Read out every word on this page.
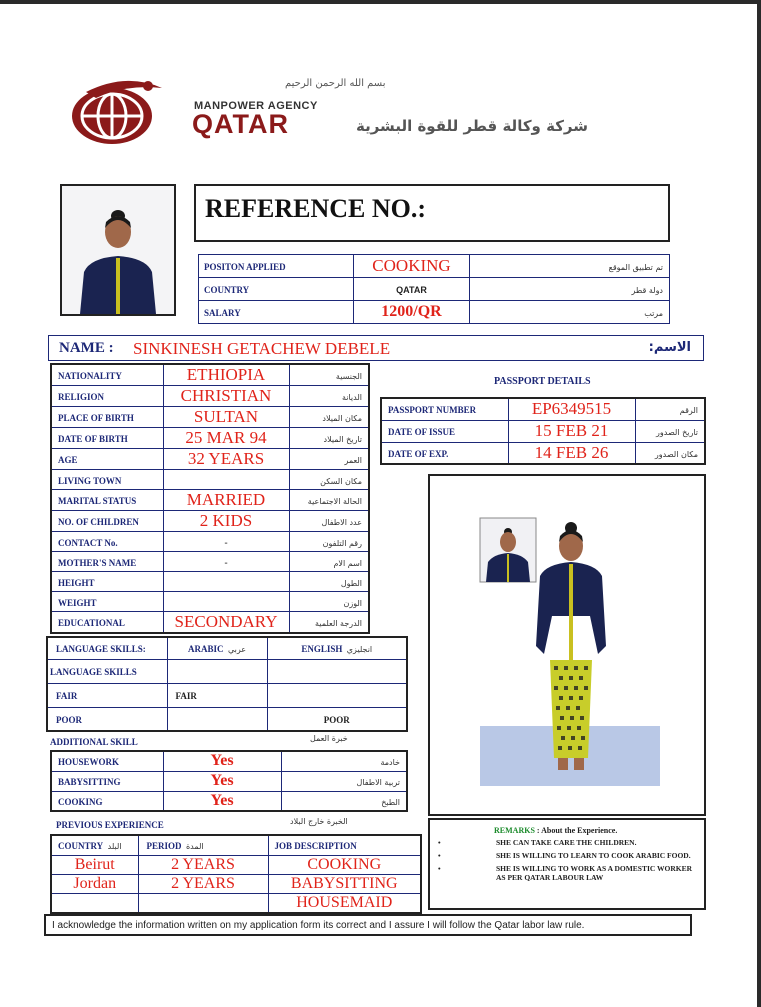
بسم الله الرحمن الرحيم
MANPOWER AGENCY
QATAR	شركة وكالة قطر للقوة البشرية
REFERENCE NO.:
POSITON APPLIED	COOKING	تم تطبيق الموقع
COUNTRY	QATAR	دولة قطر
SALARY	1200/QR	مرتب
NAME : SINKINESH GETACHEW DEBELE	الاسم:
NATIONALITY	ETHIOPIA	الجنسية
RELIGION	CHRISTIAN	الديانة
PLACE OF BIRTH	SULTAN	مكان الميلاد
DATE OF BIRTH	25 MAR 94	تاريخ الميلاد
AGE	32 YEARS	العمر
LIVING TOWN		مكان السكن
MARITAL STATUS	MARRIED	الحالة الاجتماعية
NO. OF CHILDREN	2 KIDS	عدد الاطفال
CONTACT No.	-	رقم التلفون
MOTHER'S NAME	-	اسم الام
HEIGHT		الطول
WEIGHT		الوزن
EDUCATIONAL	SECONDARY	الدرجة العلمية
PASSPORT DETAILS
PASSPORT NUMBER	EP6349515	الرقم
DATE OF ISSUE	15 FEB 21	تاريخ الصدور
DATE OF EXP.	14 FEB 26	مكان الصدور
LANGUAGE SKILLS:	ARABIC عربي	ENGLISH انجليزي
LANGUAGE SKILLS		
FAIR	FAIR	
POOR		POOR
ADDITIONAL SKILL	خبرة العمل
HOUSEWORK	Yes	خادمة
BABYSITTING	Yes	تربية الاطفال
COOKING	Yes	الطبخ
PREVIOUS EXPERIENCE	الخبرة خارج البلاد
COUNTRY البلد	PERIOD المدة	JOB DESCRIPTION
Beirut	2 YEARS	COOKING
Jordan	2 YEARS	BABYSITTING
		HOUSEMAID
REMARKS : About the Experience.
•	SHE CAN TAKE CARE THE CHILDREN.
•	SHE IS WILLING TO LEARN TO COOK ARABIC FOOD.
•	SHE IS WILLING TO WORK AS A DOMESTIC WORKER AS PER QATAR LABOUR LAW
I acknowledge the information written on my application form its correct and I assure I will follow the Qatar labor law rule.
